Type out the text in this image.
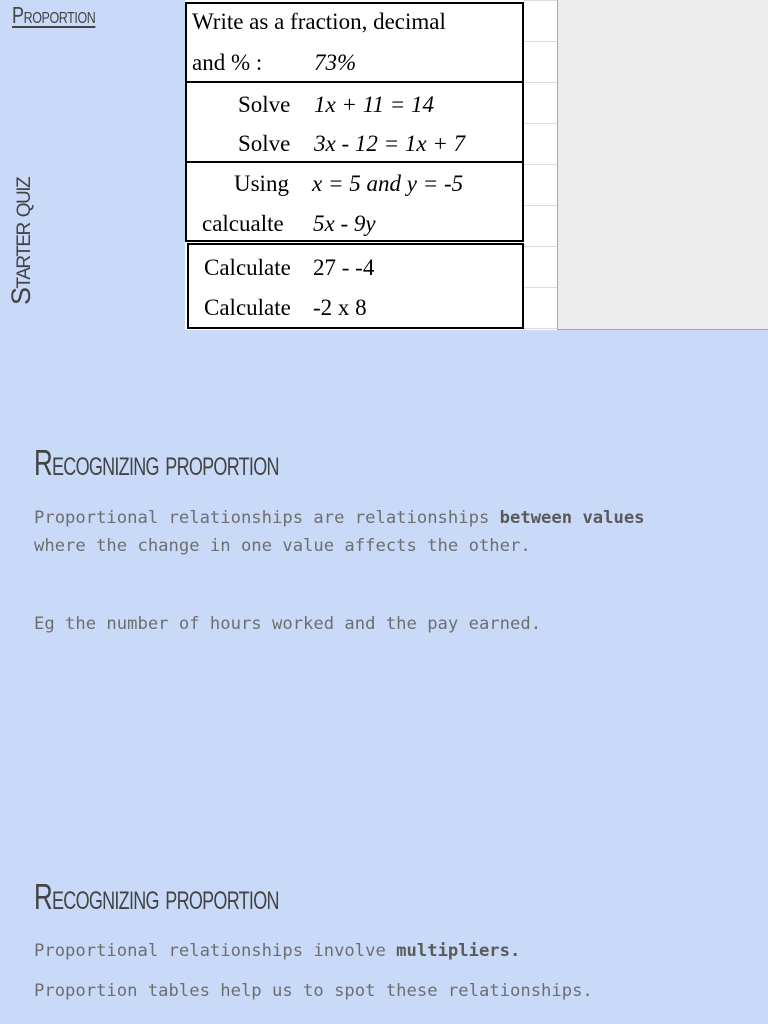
Proportion
Starter quiz
Write as a fraction, decimal
and % : 73%
Solve 1x + 11 = 14
Solve 3x - 12 = 1x + 7
Using x = 5 and y = -5
calcualte 5x - 9y
Calculate 27 - -4
Calculate -2 x 8
Recognizing proportion
Proportional relationships are relationships between values
where the change in one value affects the other.
Eg the number of hours worked and the pay earned.
Recognizing proportion
Proportional relationships involve multipliers.
Proportion tables help us to spot these relationships.
